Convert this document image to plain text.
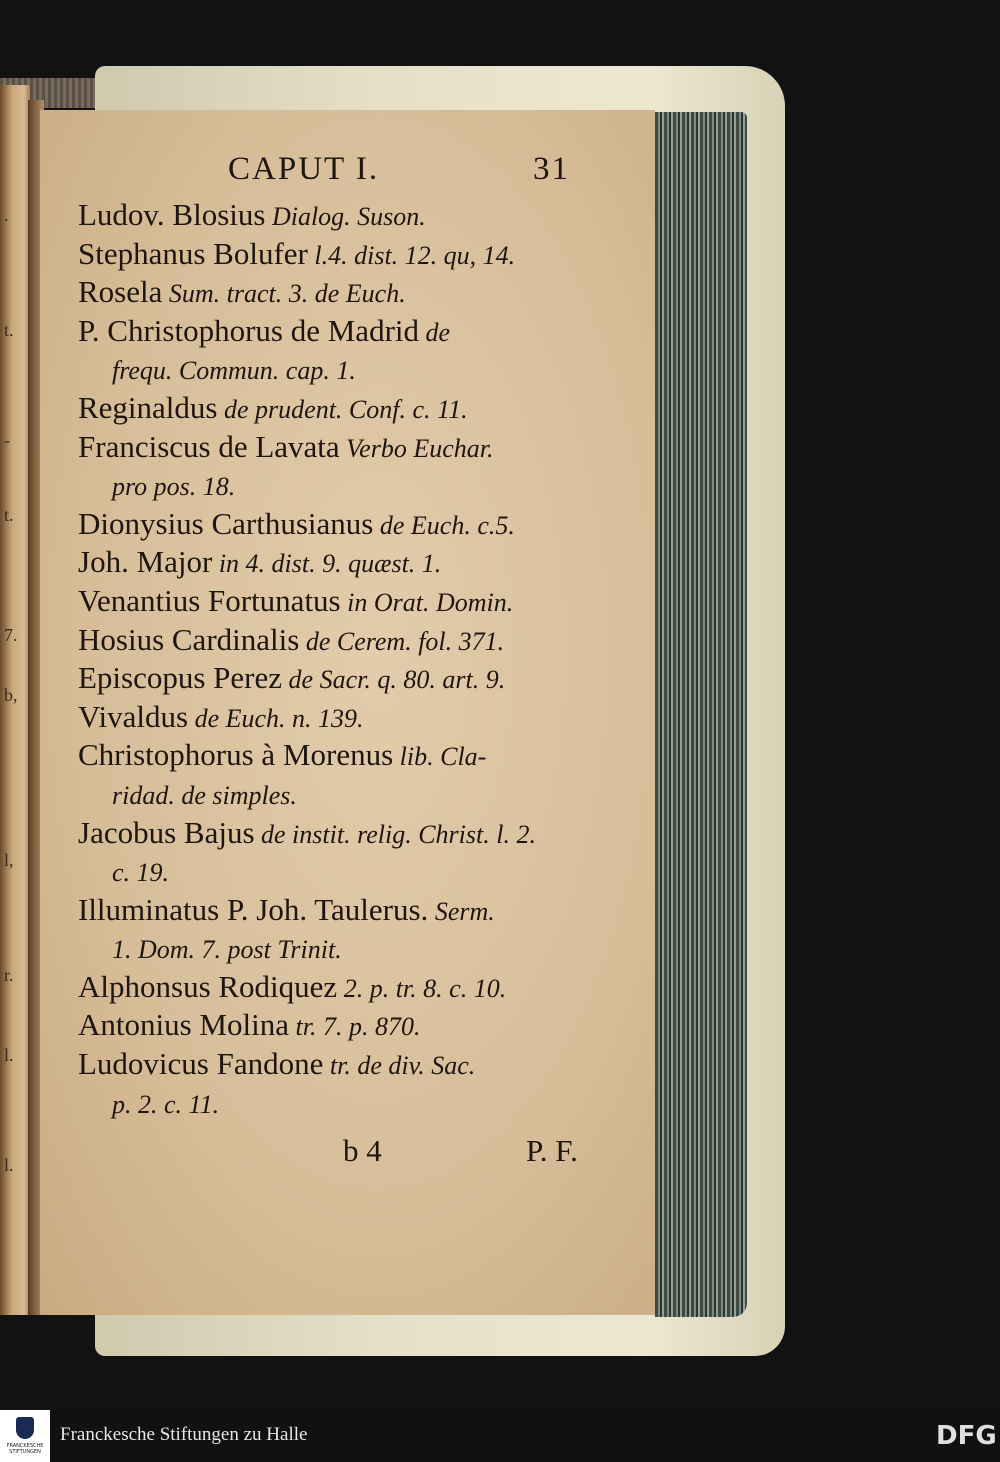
.
t.
-
t.
7.
b,
l,
r.
l.
l.
CAPUT I.	31
Ludov. Blosius Dialog. Suson.
Stephanus Bolufer l.4. dist. 12. qu, 14.
Rosela Sum. tract. 3. de Euch.
P. Christophorus de Madrid de
frequ. Commun. cap. 1.
Reginaldus de prudent. Conf. c. 11.
Franciscus de Lavata Verbo Euchar.
pro pos. 18.
Dionysius Carthusianus de Euch. c.5.
Joh. Major in 4. dist. 9. quæst. 1.
Venantius Fortunatus in Orat. Domin.
Hosius Cardinalis de Cerem. fol. 371.
Episcopus Perez de Sacr. q. 80. art. 9.
Vivaldus de Euch. n. 139.
Christophorus à Morenus lib. Cla-
ridad. de simples.
Jacobus Bajus de instit. relig. Christ. l. 2.
c. 19.
Illuminatus P. Joh. Taulerus. Serm.
1. Dom. 7. post Trinit.
Alphonsus Rodiquez 2. p. tr. 8. c. 10.
Antonius Molina tr. 7. p. 870.
Ludovicus Fandone tr. de div. Sac.
p. 2. c. 11.
b 4	P. F.
FRANCKESCHE STIFTUNGEN
Franckesche Stiftungen zu Halle	DFG
